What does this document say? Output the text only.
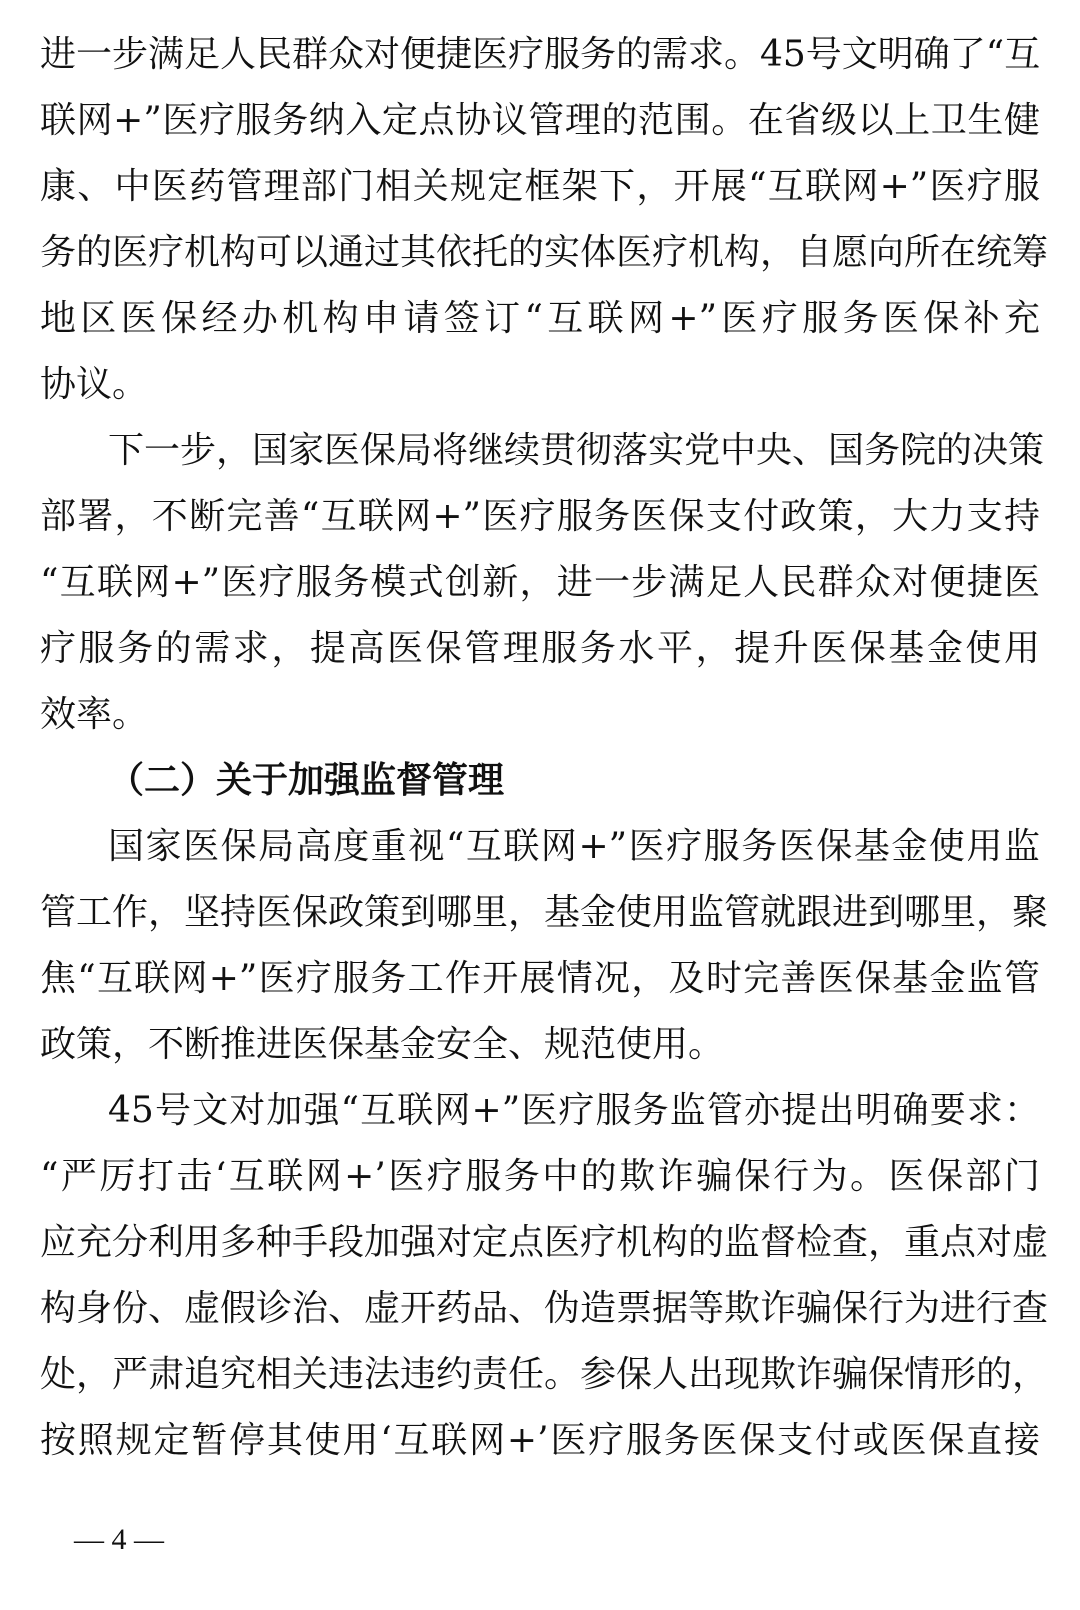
进一步满足人民群众对便捷医疗服务的需求。45号文明确了“互
联网+”医疗服务纳入定点协议管理的范围。在省级以上卫生健
康、中医药管理部门相关规定框架下，开展“互联网+”医疗服
务的医疗机构可以通过其依托的实体医疗机构，自愿向所在统筹
地区医保经办机构申请签订“互联网+”医疗服务医保补充
协议。
下一步，国家医保局将继续贯彻落实党中央、国务院的决策
部署，不断完善“互联网+”医疗服务医保支付政策，大力支持
“互联网+”医疗服务模式创新，进一步满足人民群众对便捷医
疗服务的需求，提高医保管理服务水平，提升医保基金使用
效率。
（二）关于加强监督管理
国家医保局高度重视“互联网+”医疗服务医保基金使用监
管工作，坚持医保政策到哪里，基金使用监管就跟进到哪里，聚
焦“互联网+”医疗服务工作开展情况，及时完善医保基金监管
政策，不断推进医保基金安全、规范使用。
45号文对加强“互联网+”医疗服务监管亦提出明确要求：
“严厉打击‘互联网+’医疗服务中的欺诈骗保行为。医保部门
应充分利用多种手段加强对定点医疗机构的监督检查，重点对虚
构身份、虚假诊治、虚开药品、伪造票据等欺诈骗保行为进行查
处，严肃追究相关违法违约责任。参保人出现欺诈骗保情形的，
按照规定暂停其使用‘互联网+’医疗服务医保支付或医保直接
— 4 —
